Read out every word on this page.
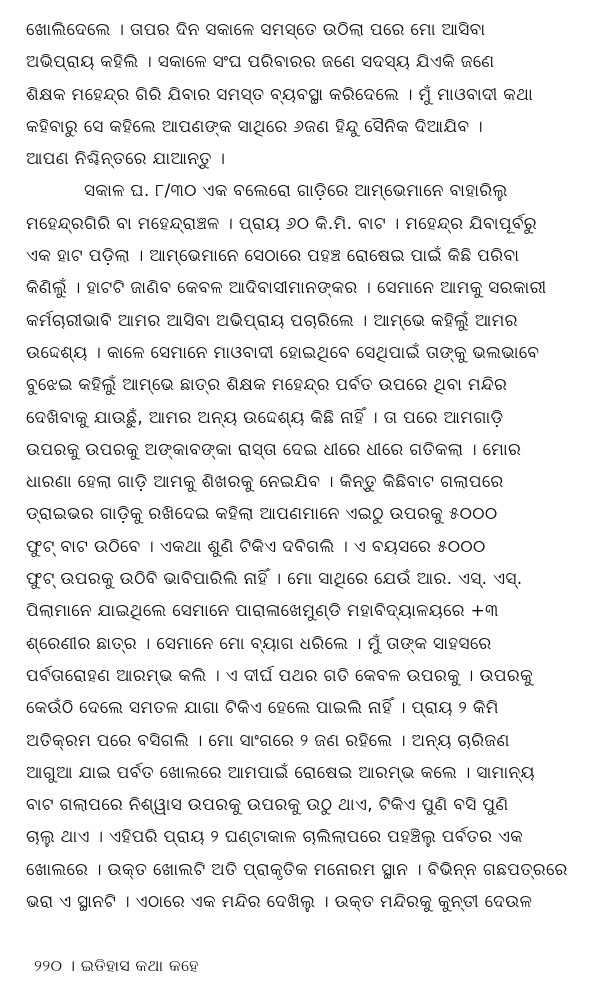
ଖୋଲିଦେଲେ । ତାପର ଦିନ ସକାଳେ ସମସ୍ତେ ଉଠିଲା ପରେ ମୋ ଆସିବା
ଅଭିପ୍ରାୟ କହିଲି । ସକାଳେ ସଂଘ ପରିବାରର ଜଣେ ସଦସ୍ୟ ଯିଏକି ଜଣେ
ଶିକ୍ଷକ ମହେନ୍ଦ୍ର ଗିରି ଯିବାର ସମସ୍ତ ବ୍ୟବସ୍ଥା କରିଦେଲେ । ମୁଁ ମାଓବାଦୀ କଥା
କହିବାରୁ ସେ କହିଲେ ଆପଣଙ୍କ ସାଥିରେ ୬ଜଣ ହିନ୍ଦୁ ସୈନିକ ଦିଆଯିବ ।
ଆପଣ ନିଶ୍ଚିନ୍ତରେ ଯାଆନ୍ତୁ ।
ସକାଳ ଘ. ୮/୩୦ ଏକ ବଲେରୋ ଗାଡ଼ିରେ ଆମ୍ଭେମାନେ ବାହାରିଲୁ
ମହେନ୍ଦ୍ରଗିରି ବା ମହେନ୍ଦ୍ରାଞ୍ଚଳ । ପ୍ରାୟ ୬୦ କି.ମି. ବାଟ । ମହେନ୍ଦ୍ର ଯିବାପୂର୍ବରୁ
ଏକ ହାଟ ପଡ଼ିଲା । ଆମ୍ଭେମାନେ ସେଠାରେ ପହଞ୍ଚ ରୋଷେଇ ପାଇଁ କିଛି ପରିବା
କିଣିଲୁଁ । ହାଟଟି ଜାଣିବ କେବଳ ଆଦିବାସୀମାନଙ୍କର । ସେମାନେ ଆମକୁ ସରକାରୀ
କର୍ମଚାରୀଭାବି ଆମର ଆସିବା ଅଭିପ୍ରାୟ ପଚାରିଲେ । ଆମ୍ଭେ କହିଲୁଁ ଆମର
ଉଦ୍ଦେଶ୍ୟ । କାଳେ ସେମାନେ ମାଓବାଦୀ ହୋଇଥିବେ ସେଥିପାଇଁ ତାଙ୍କୁ ଭଲଭାବେ
ବୁଝେଇ କହିଲୁଁ ଆମ୍ଭେ ଛାତ୍ର ଶିକ୍ଷକ ମହେନ୍ଦ୍ର ପର୍ବତ ଉପରେ ଥିବା ମନ୍ଦିର
ଦେଖିବାକୁ ଯାଉଛୁଁ, ଆମର ଅନ୍ୟ ଉଦ୍ଦେଶ୍ୟ କିଛି ନାହିଁ । ତା ପରେ ଆମଗାଡ଼ି
ଉପରକୁ ଉପରକୁ ଅଙ୍କାବଙ୍କା ରାସ୍ତା ଦେଇ ଧୀରେ ଧୀରେ ଗତିକଲା । ମୋର
ଧାରଣା ହେଲା ଗାଡ଼ି ଆମକୁ ଶିଖରକୁ ନେଇଯିବ । କିନ୍ତୁ କିଛିବାଟ ଗଲାପରେ
ଡ୍ରାଇଭର ଗାଡ଼ିକୁ ରଖିଦେଇ କହିଲା ଆପଣମାନେ ଏଇଠୁ ଉପରକୁ ୫୦୦୦
ଫୁଟ୍ ବାଟ ଉଠିବେ । ଏକଥା ଶୁଣି ଟିକିଏ ଦବିଗଲି । ଏ ବୟସରେ ୫୦୦୦
ଫୁଟ୍ ଉପରକୁ ଉଠିବି ଭାବିପାରିଲି ନାହିଁ । ମୋ ସାଥିରେ ଯେଉଁ ଆର. ଏସ୍. ଏସ୍.
ପିଲାମାନେ ଯାଇଥିଲେ ସେମାନେ ପାରାଳାଖେମୁଣ୍ଡି ମହାବିଦ୍ୟାଳୟରେ +୩
ଶ୍ରେଣୀର ଛାତ୍ର । ସେମାନେ ମୋ ବ୍ୟାଗ ଧରିଲେ । ମୁଁ ତାଙ୍କ ସାହସରେ
ପର୍ବତାରୋହଣ ଆରମ୍ଭ କଲି । ଏ ଦୀର୍ଘ ପଥର ଗତି କେବଳ ଉପରକୁ । ଉପରକୁ
କେଉଁଠି ଦେଲେ ସମତଳ ଯାଗା ଟିକିଏ ହେଲେ ପାଇଲି ନାହିଁ । ପ୍ରାୟ ୨ କିମି
ଅତିକ୍ରମ ପରେ ବସିଗଲି । ମୋ ସାଂଗରେ ୨ ଜଣ ରହିଲେ । ଅନ୍ୟ ଚାରିଜଣ
ଆଗୁଆ ଯାଇ ପର୍ବତ ଖୋଲରେ ଆମପାଇଁ ରୋଷେଇ ଆରମ୍ଭ କଲେ । ସାମାନ୍ୟ
ବାଟ ଗଲାପରେ ନିଶ୍ୱାସ ଉପରକୁ ଉପରକୁ ଉଠୁ ଥାଏ, ଟିକିଏ ପୁଣି ବସି ପୁଣି
ଚାଲୁ ଥାଏ । ଏହିପରି ପ୍ରାୟ ୨ ଘଣ୍ଟାକାଳ ଚାଲିଲାପରେ ପହଞ୍ଚିଲୁ ପର୍ବତର ଏକ
ଖୋଲରେ । ଉକ୍ତ ଖୋଲଟି ଅତି ପ୍ରାକୃତିକ ମନୋରମ ସ୍ଥାନ । ବିଭିନ୍ନ ଗଛପତ୍ରରେ
ଭରା ଏ ସ୍ଥାନଟି । ଏଠାରେ ଏକ ମନ୍ଦିର ଦେଖିଲୁ । ଉକ୍ତ ମନ୍ଦିରକୁ କୁନ୍ତୀ ଦେଉଳ
୨୨୦ । ଇତିହାସ କଥା କହେ
